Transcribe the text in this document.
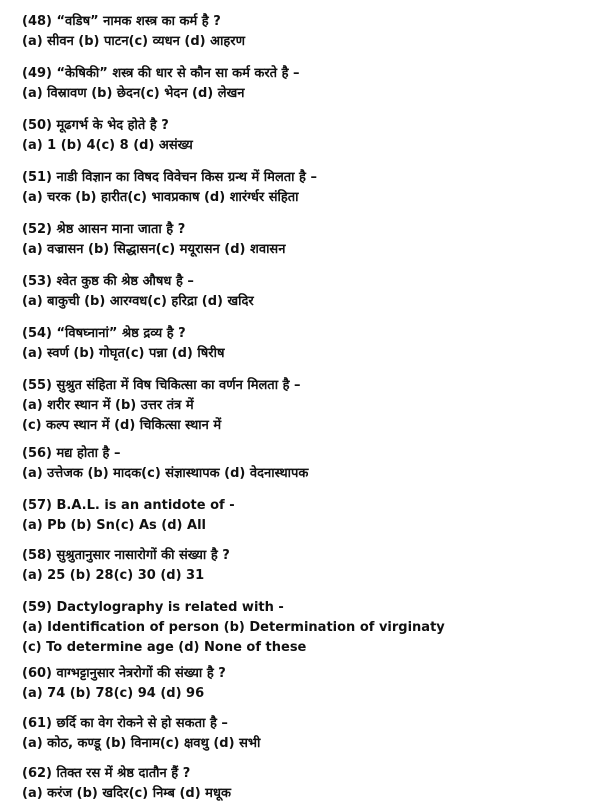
(48) “वडिष” नामक शस्त्र का कर्म है ?
(a) सीवन (b) पाटन(c) व्यधन (d) आहरण
(49) “केषिकी” शस्त्र की धार से कौन सा कर्म करते है –
(a) विस्रावण (b) छेदन(c) भेदन (d) लेखन
(50) मूढगर्भ के भेद होते है ?
(a) 1 (b) 4(c) 8 (d) असंख्य
(51) नाडी विज्ञान का विषद विवेचन किस ग्रन्थ में मिलता है –
(a) चरक (b) हारीत(c) भावप्रकाष (d) शारंर्ग्धर संहिता
(52) श्रेष्ठ आसन माना जाता है ?
(a) वज्रासन (b) सिद्धासन(c) मयूरासन (d) शवासन
(53) श्वेत कुष्ठ की श्रेष्ठ औषध है –
(a) बाकुची (b) आरग्वध(c) हरिद्रा (d) खदिर
(54) “विषघ्नानां” श्रेष्ठ द्रव्य है ?
(a) स्वर्ण (b) गोघृत(c) पन्ना (d) षिरीष
(55) सुश्रुत संहिता में विष चिकित्सा का वर्णन मिलता है –
(a) शरीर स्थान में (b) उत्तर तंत्र में
(c) कल्प स्थान में (d) चिकित्सा स्थान में
(56) मद्य होता है –
(a) उत्तेजक (b) मादक(c) संज्ञास्थापक (d) वेदनास्थापक
(57) B.A.L. is an antidote of -
(a) Pb (b) Sn(c) As (d) All
(58) सुश्रुतानुसार नासारोगों की संख्या है ?
(a) 25 (b) 28(c) 30 (d) 31
(59) Dactylography is related with -
(a) Identification of person (b) Determination of virginaty
(c) To determine age (d) None of these
(60) वाग्भट्टानुसार नेत्ररोगों की संख्या है ?
(a) 74 (b) 78(c) 94 (d) 96
(61) छर्दि का वेग रोकने से हो सकता है –
(a) कोठ, कण्डू (b) विनाम(c) क्षवथु (d) सभी
(62) तिक्त रस में श्रेष्ठ दातौन हैं ?
(a) करंज (b) खदिर(c) निम्ब (d) मधूक
